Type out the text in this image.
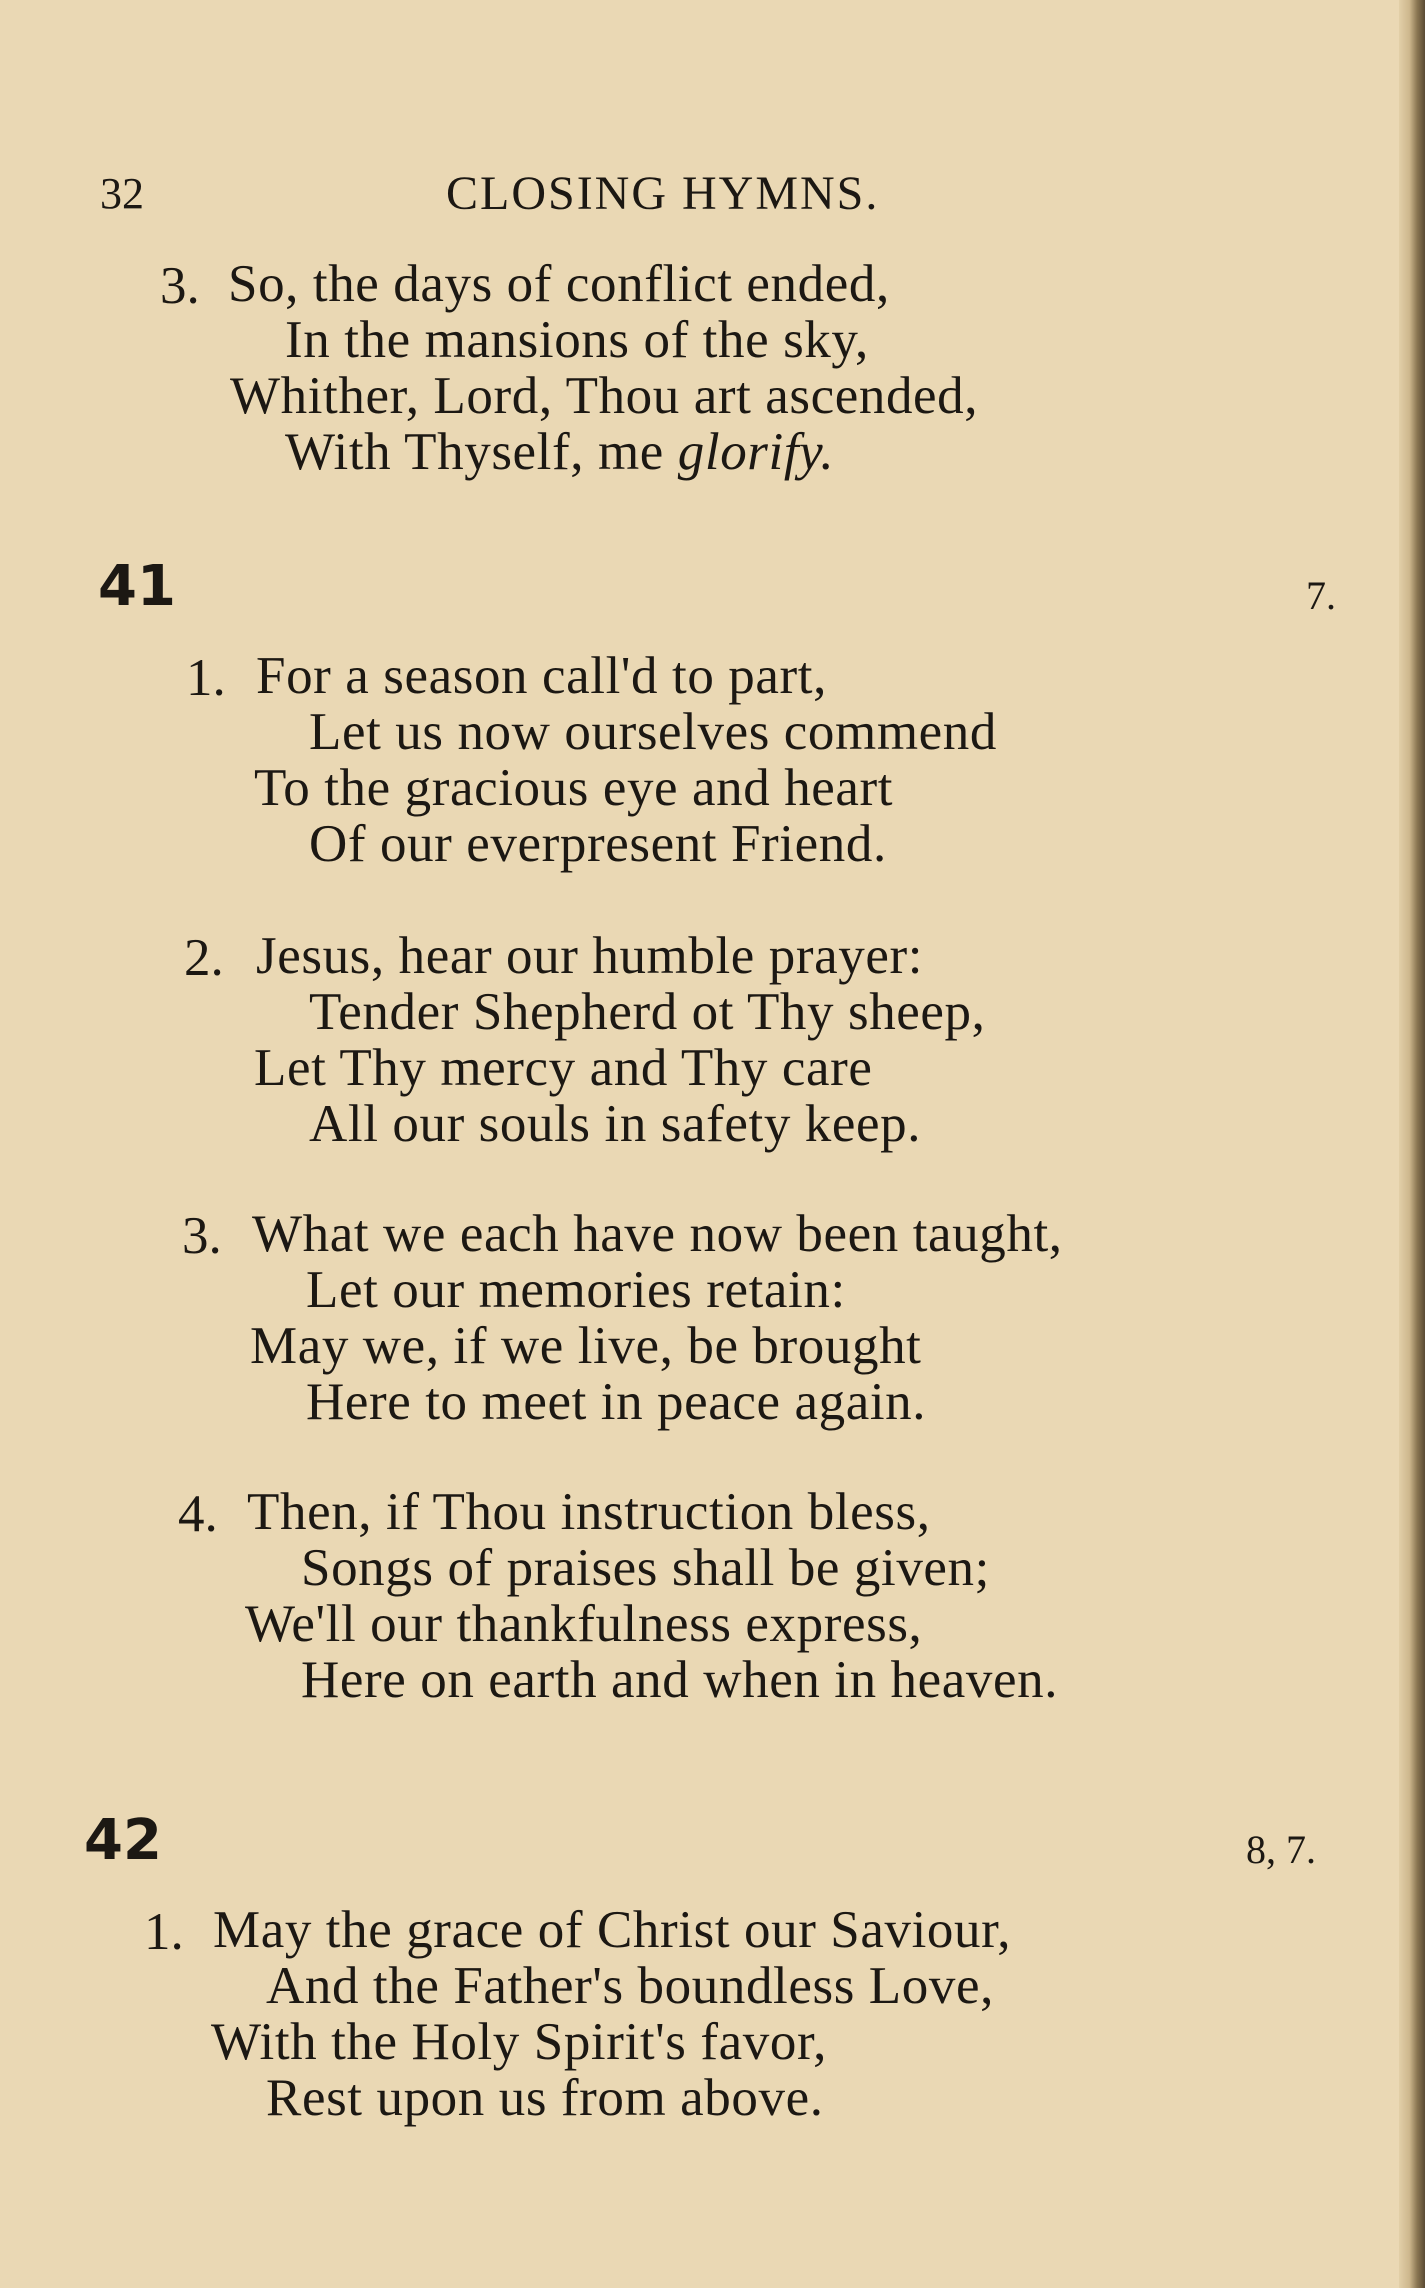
32	CLOSING HYMNS.
3. So, the days of conflict ended,
In the mansions of the sky,
Whither, Lord, Thou art ascended,
With Thyself, me glorify.
41	7.
1. For a season call'd to part,
Let us now ourselves commend
To the gracious eye and heart
Of our everpresent Friend.
2. Jesus, hear our humble prayer:
Tender Shepherd ot Thy sheep,
Let Thy mercy and Thy care
All our souls in safety keep.
3. What we each have now been taught,
Let our memories retain:
May we, if we live, be brought
Here to meet in peace again.
4. Then, if Thou instruction bless,
Songs of praises shall be given;
We'll our thankfulness express,
Here on earth and when in heaven.
42	8, 7.
1. May the grace of Christ our Saviour,
And the Father's boundless Love,
With the Holy Spirit's favor,
Rest upon us from above.
